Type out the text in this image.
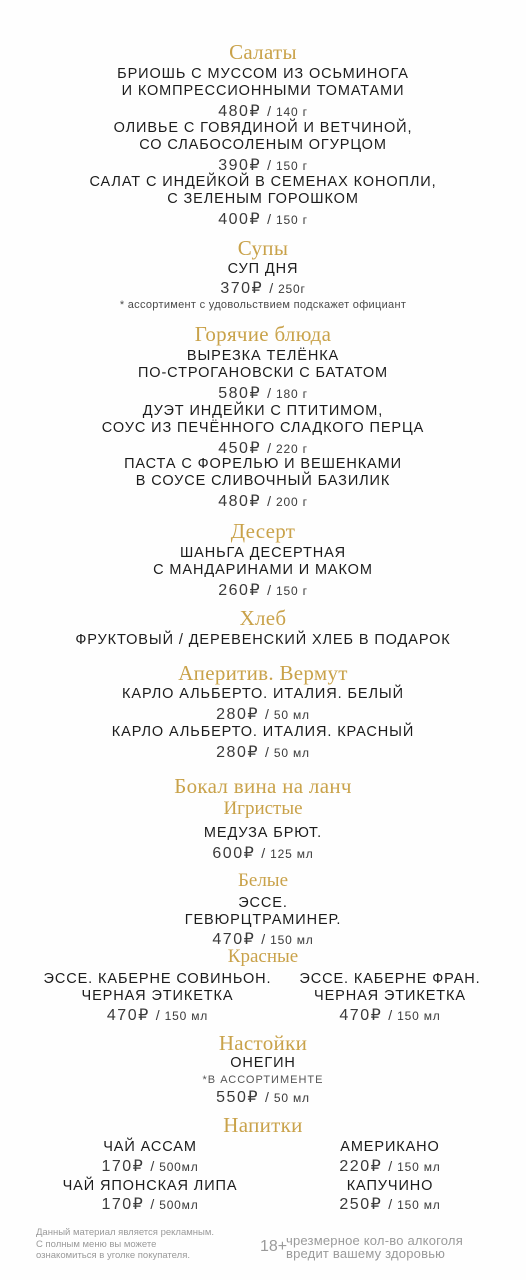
Салаты
БРИОШЬ С МУССОМ ИЗ ОСЬМИНОГА
И КОМПРЕССИОННЫМИ ТОМАТАМИ
480₽ / 140 г
ОЛИВЬЕ С ГОВЯДИНОЙ И ВЕТЧИНОЙ,
СО СЛАБОСОЛЕНЫМ ОГУРЦОМ
390₽ / 150 г
САЛАТ С ИНДЕЙКОЙ В СЕМЕНАХ КОНОПЛИ,
С ЗЕЛЕНЫМ ГОРОШКОМ
400₽ / 150 г
Супы
СУП ДНЯ
370₽ / 250г
* ассортимент с удовольствием подскажет официант
Горячие блюда
ВЫРЕЗКА ТЕЛЁНКА
ПО-СТРОГАНОВСКИ С БАТАТОМ
580₽ / 180 г
ДУЭТ ИНДЕЙКИ С ПТИТИМОМ,
СОУС ИЗ ПЕЧЁННОГО СЛАДКОГО ПЕРЦА
450₽ / 220 г
ПАСТА С ФОРЕЛЬЮ И ВЕШЕНКАМИ
В СОУСЕ СЛИВОЧНЫЙ БАЗИЛИК
480₽ / 200 г
Десерт
ШАНЬГА ДЕСЕРТНАЯ
С МАНДАРИНАМИ И МАКОМ
260₽ / 150 г
Хлеб
ФРУКТОВЫЙ / ДЕРЕВЕНСКИЙ ХЛЕБ В ПОДАРОК
Аперитив. Вермут
КАРЛО АЛЬБЕРТО. ИТАЛИЯ. БЕЛЫЙ
280₽ / 50 мл
КАРЛО АЛЬБЕРТО. ИТАЛИЯ. КРАСНЫЙ
280₽ / 50 мл
Бокал вина на ланч
Игристые
МЕДУЗА БРЮТ.
600₽ / 125 мл
Белые
ЭССЕ.
ГЕВЮРЦТРАМИНЕР.
470₽ / 150 мл
Красные
ЭССЕ. КАБЕРНЕ СОВИНЬОН.
ЧЕРНАЯ ЭТИКЕТКА
470₽ / 150 мл
ЭССЕ. КАБЕРНЕ ФРАН.
ЧЕРНАЯ ЭТИКЕТКА
470₽ / 150 мл
Настойки
ОНЕГИН
*В АССОРТИМЕНТЕ
550₽ / 50 мл
Напитки
ЧАЙ АССАМ
170₽ / 500мл
ЧАЙ ЯПОНСКАЯ ЛИПА
170₽ / 500мл
АМЕРИКАНО
220₽ / 150 мл
КАПУЧИНО
250₽ / 150 мл
Данный материал является рекламным.
С полным меню вы можете
ознакомиться в уголке покупателя.
18+
чрезмерное кол-во алкоголя
вредит вашему здоровью
